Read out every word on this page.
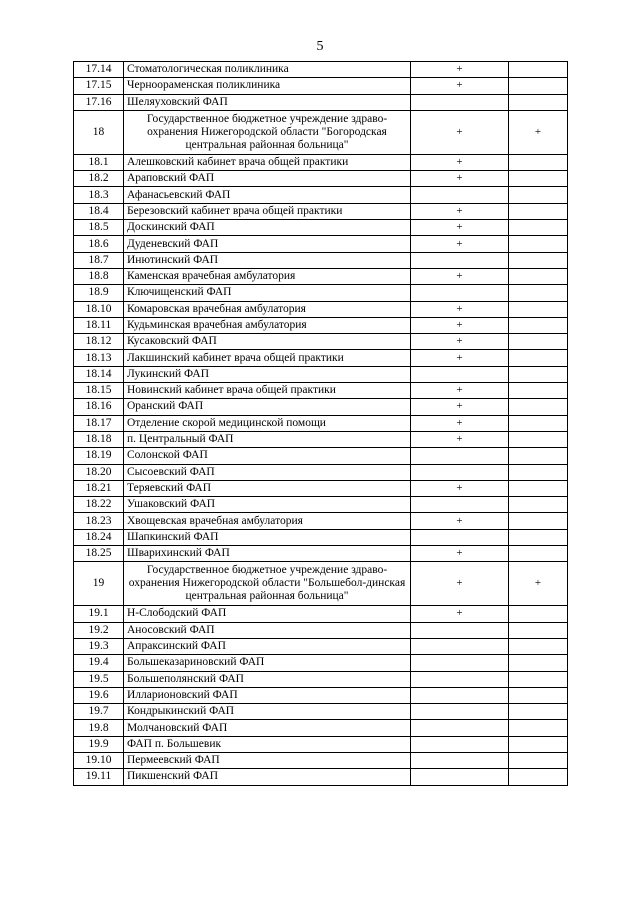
5
17.14	Стоматологическая поликлиника	+	
17.15	Черноораменская поликлиника	+	
17.16	Шеляуховский ФАП		
18	Государственное бюджетное учреждение здраво-охранения Нижегородской области "Богородская центральная районная больница"	+	+
18.1	Алешковский кабинет врача общей практики	+	
18.2	Араповский ФАП	+	
18.3	Афанасьевский ФАП		
18.4	Березовский кабинет врача общей практики	+	
18.5	Доскинский ФАП	+	
18.6	Дуденевский ФАП	+	
18.7	Инютинский ФАП		
18.8	Каменская врачебная амбулатория	+	
18.9	Ключищенский ФАП		
18.10	Комаровская врачебная амбулатория	+	
18.11	Кудьминская врачебная амбулатория	+	
18.12	Кусаковский ФАП	+	
18.13	Лакшинский кабинет врача общей практики	+	
18.14	Лукинский ФАП		
18.15	Новинский кабинет врача общей практики	+	
18.16	Оранский ФАП	+	
18.17	Отделение скорой медицинской помощи	+	
18.18	п. Центральный ФАП	+	
18.19	Солонской ФАП		
18.20	Сысоевский ФАП		
18.21	Теряевский ФАП	+	
18.22	Ушаковский ФАП		
18.23	Хвощевская врачебная амбулатория	+	
18.24	Шапкинский ФАП		
18.25	Шварихинский ФАП	+	
19	Государственное бюджетное учреждение здраво-охранения Нижегородской области "Большебол-динская центральная районная больница"	+	+
19.1	Н-Слободский ФАП	+	
19.2	Аносовский ФАП		
19.3	Апраксинский ФАП		
19.4	Большеказариновский ФАП		
19.5	Большеполянский ФАП		
19.6	Илларионовский ФАП		
19.7	Кондрыкинский ФАП		
19.8	Молчановский ФАП		
19.9	ФАП п. Большевик		
19.10	Пермеевский ФАП		
19.11	Пикшенский ФАП		
